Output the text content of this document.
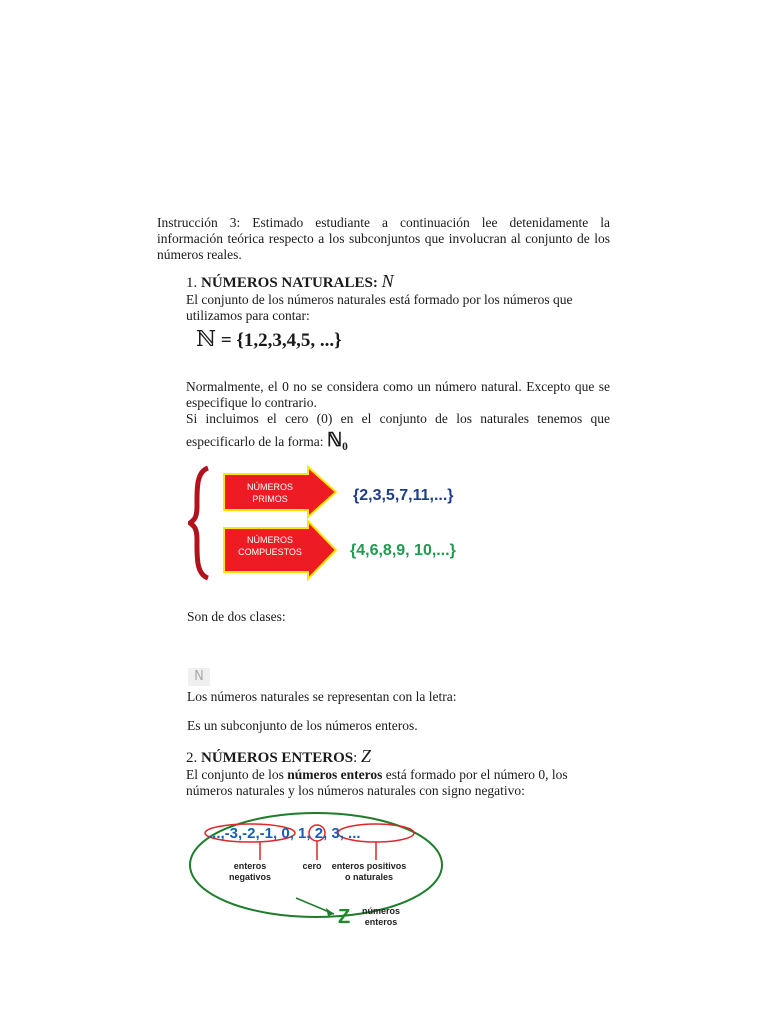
Instrucción 3: Estimado estudiante a continuación lee detenidamente la información teórica respecto a los subconjuntos que involucran al conjunto de los números reales.
1. NÚMEROS NATURALES: N
El conjunto de los números naturales está formado por los números que utilizamos para contar:
ℕ = {1,2,3,4,5, ...}
Normalmente, el 0 no se considera como un número natural. Excepto que se especifique lo contrario.
Si incluimos el cero (0) en el conjunto de los naturales tenemos que especificarlo de la forma: ℕ₀
NÚMEROS
PRIMOS	{2,3,5,7,11,...}
NÚMEROS
COMPUESTOS	{4,6,8,9, 10,...}
Son de dos clases:
N
Los números naturales se representan con la letra:
Es un subconjunto de los números enteros.
2. NÚMEROS ENTEROS: Z
El conjunto de los números enteros está formado por el número 0, los números naturales y los números naturales con signo negativo:
...,-3,-2,-1, 0, 1, 2, 3, ...
enteros
negativos
cero enteros positivos
o naturales
Z números
enteros
